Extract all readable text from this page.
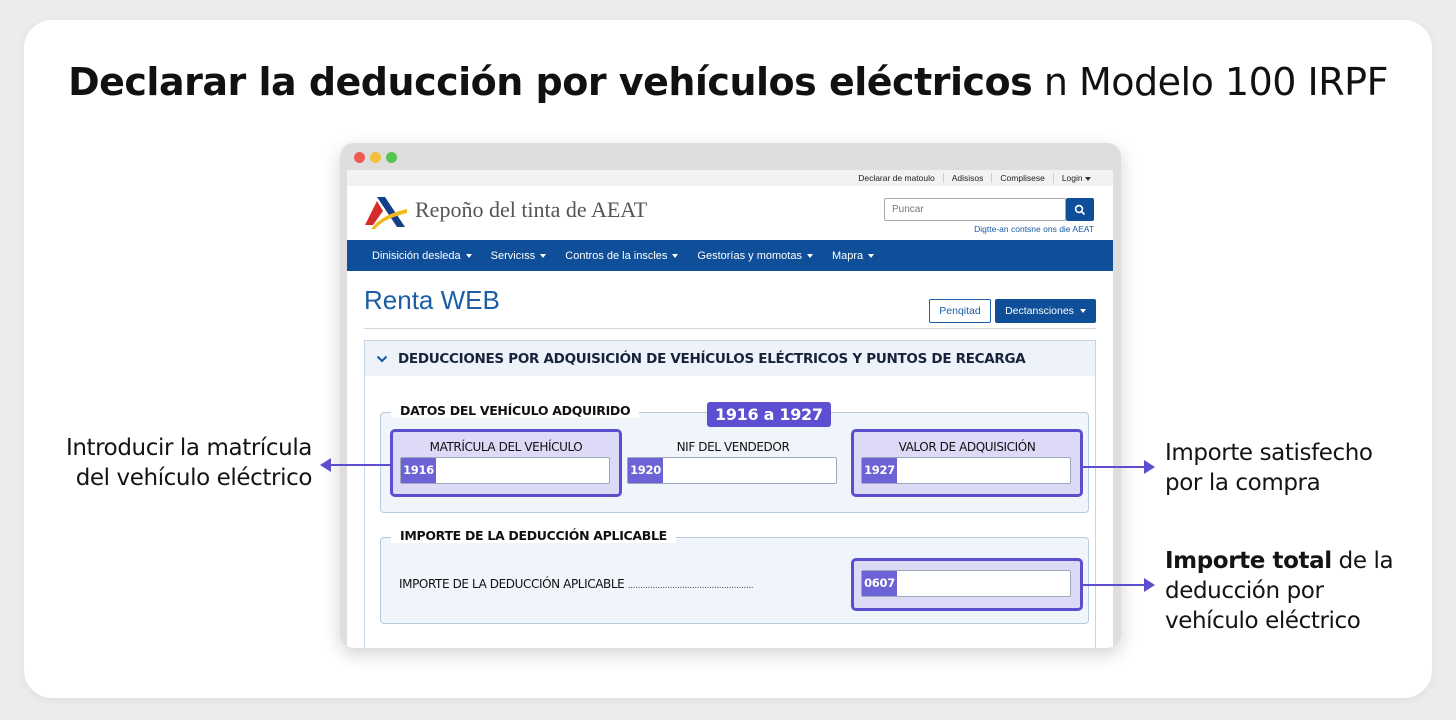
Declarar la deducción por vehículos eléctricos n Modelo 100 IRPF
Declarar de matoulo	Adisisos	Complisese	Login
Repoño del tinta de AEAT
Puncar
Digtte-an contsne ons die AEAT
Dinisición desleda	Servicıss	Contros de la inscles	Gestorías y momotas	Mapra
Renta WEB	Penqitad	Dectansciones
DEDUCCIONES POR ADQUISICIÓN DE VEHÍCULOS ELÉCTRICOS Y PUNTOS DE RECARGA
DATOS DEL VEHÍCULO ADQUIRIDO	1916 a 1927
MATRÍCULA DEL VEHÍCULO
1916
NIF DEL VENDEDOR
1920
VALOR DE ADQUISICIÓN
1927
IMPORTE DE LA DEDUCCIÓN APLICABLE
IMPORTE DE LA DEDUCCIÓN APLICABLE ...................................................	0607
Introducir la matrícula
del vehículo eléctrico
Importe satisfecho
por la compra
Importe total de la
deducción por
vehículo eléctrico
